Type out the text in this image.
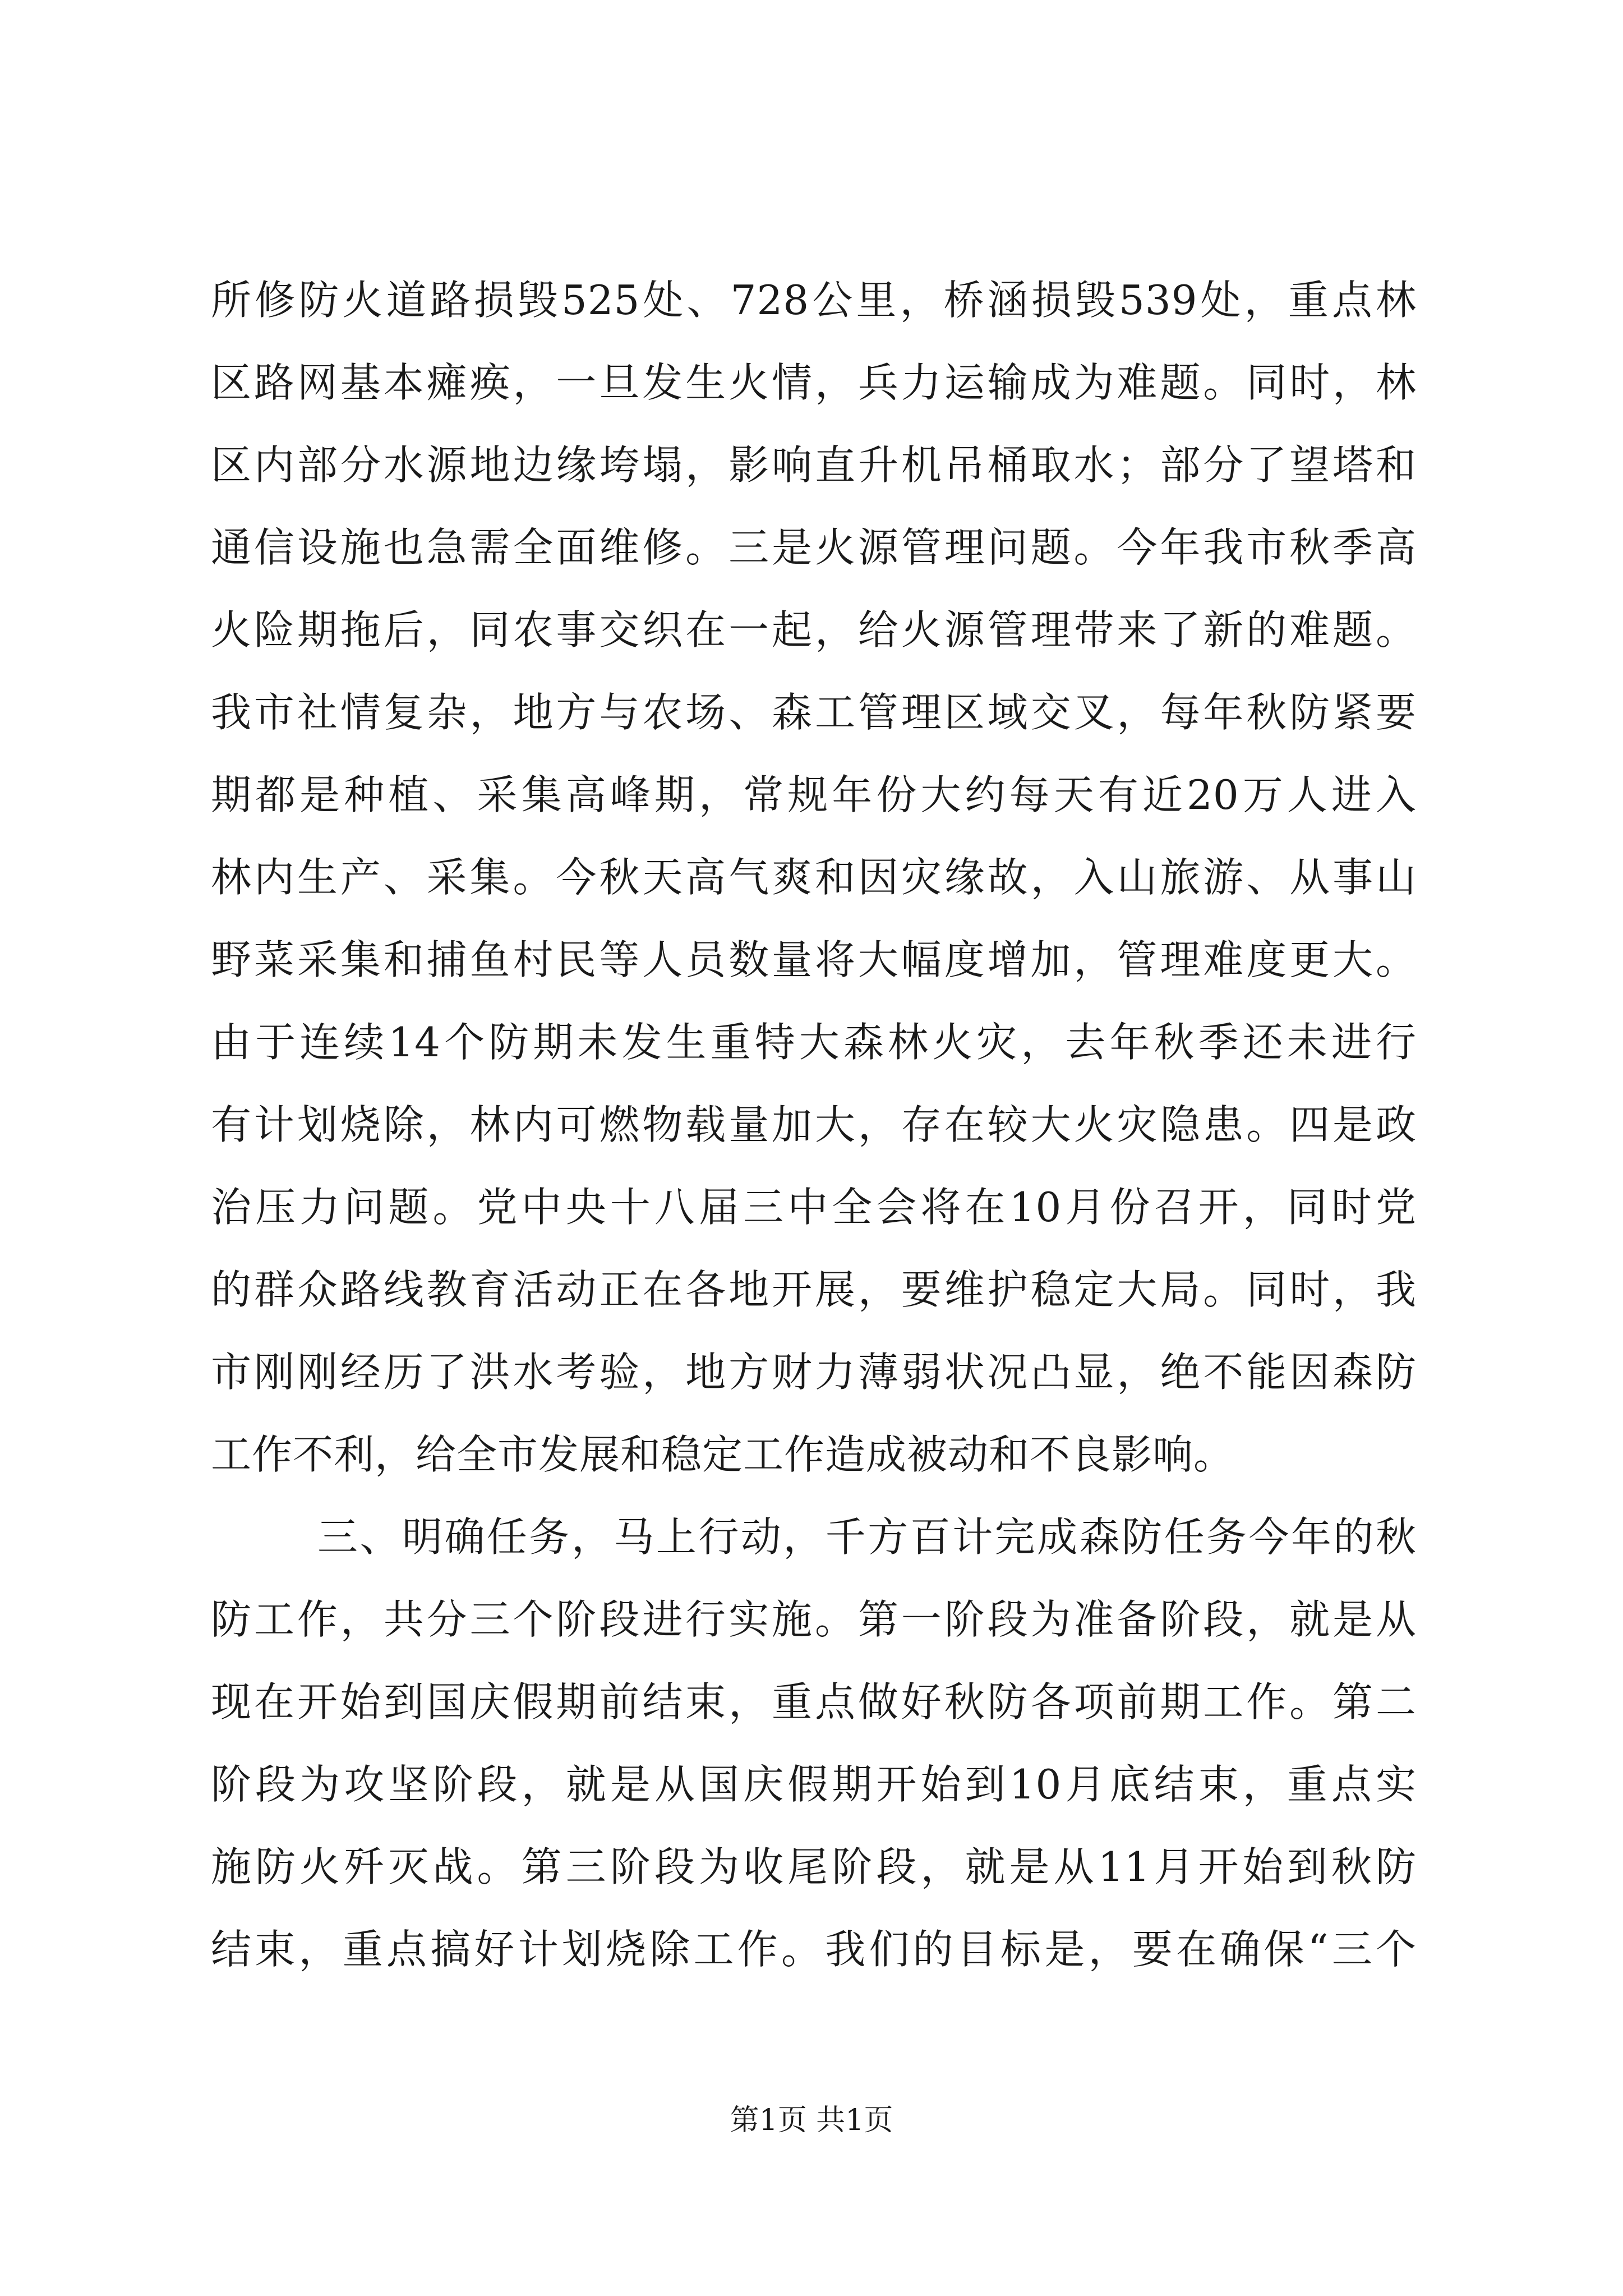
所修防火道路损毁525处、728公里，桥涵损毁539处，重点林
区路网基本瘫痪，一旦发生火情，兵力运输成为难题。同时，林
区内部分水源地边缘垮塌，影响直升机吊桶取水；部分了望塔和
通信设施也急需全面维修。三是火源管理问题。今年我市秋季高
火险期拖后，同农事交织在一起，给火源管理带来了新的难题。
我市社情复杂，地方与农场、森工管理区域交叉，每年秋防紧要
期都是种植、采集高峰期，常规年份大约每天有近20万人进入
林内生产、采集。今秋天高气爽和因灾缘故，入山旅游、从事山
野菜采集和捕鱼村民等人员数量将大幅度增加，管理难度更大。
由于连续14个防期未发生重特大森林火灾，去年秋季还未进行
有计划烧除，林内可燃物载量加大，存在较大火灾隐患。四是政
治压力问题。党中央十八届三中全会将在10月份召开，同时党
的群众路线教育活动正在各地开展，要维护稳定大局。同时，我
市刚刚经历了洪水考验，地方财力薄弱状况凸显，绝不能因森防
工作不利，给全市发展和稳定工作造成被动和不良影响。
三、明确任务，马上行动，千方百计完成森防任务今年的秋
防工作，共分三个阶段进行实施。第一阶段为准备阶段，就是从
现在开始到国庆假期前结束，重点做好秋防各项前期工作。第二
阶段为攻坚阶段，就是从国庆假期开始到10月底结束，重点实
施防火歼灭战。第三阶段为收尾阶段，就是从11月开始到秋防
结束，重点搞好计划烧除工作。我们的目标是，要在确保“三个
第1页 共1页
